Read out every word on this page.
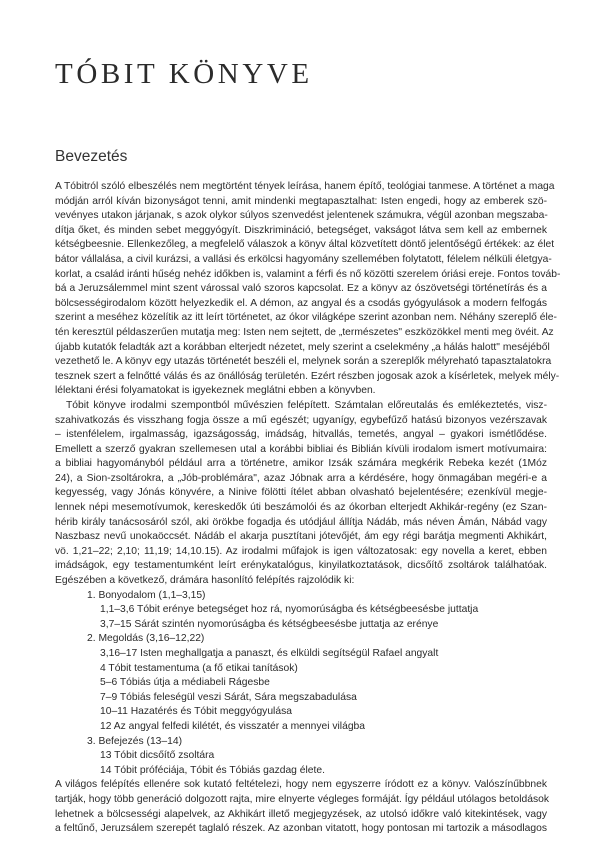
TÓBIT KÖNYVE
Bevezetés
A Tóbitról szóló elbeszélés nem megtörtént tények leírása, hanem építő, teológiai tanmese. A történet a maga
módján arról kíván bizonyságot tenni, amit mindenki megtapasztalhat: Isten engedi, hogy az emberek szö-
vevényes utakon járjanak, s azok olykor súlyos szenvedést jelentenek számukra, végül azonban megszaba-
dítja őket, és minden sebet meggyógyít. Diszkrimináció, betegséget, vakságot látva sem kell az embernek
kétségbeesnie. Ellenkezőleg, a megfelelő válaszok a könyv által közvetített döntő jelentőségű értékek: az élet
bátor vállalása, a civil kurázsi, a vallási és erkölcsi hagyomány szellemében folytatott, félelem nélküli életgya-
korlat, a család iránti hűség nehéz időkben is, valamint a férfi és nő közötti szerelem óriási ereje. Fontos továb-
bá a Jeruzsálemmel mint szent várossal való szoros kapcsolat. Ez a könyv az ószövetségi történetírás és a
bölcsességirodalom között helyezkedik el. A démon, az angyal és a csodás gyógyulások a modern felfogás
szerint a meséhez közelítik az itt leírt történetet, az ókor világképe szerint azonban nem. Néhány szereplő éle-
tén keresztül példaszerűen mutatja meg: Isten nem sejtett, de „természetes" eszközökkel menti meg övéit. Az
újabb kutatók feladták azt a korábban elterjedt nézetet, mely szerint a cselekmény „a hálás halott" meséjéből
vezethető le. A könyv egy utazás történetét beszéli el, melynek során a szereplők mélyreható tapasztalatokra
tesznek szert a felnőtté válás és az önállóság területén. Ezért részben jogosak azok a kísérletek, melyek mély-
lélektani érési folyamatokat is igyekeznek meglátni ebben a könyvben.
Tóbit könyve irodalmi szempontból művészien felépített. Számtalan előreutalás és emlékeztetés, visz-
szahivatkozás és visszhang fogja össze a mű egészét; ugyanígy, egybefűző hatású bizonyos vezérszavak
– istenfélelem, irgalmasság, igazságosság, imádság, hitvallás, temetés, angyal – gyakori ismétlődése.
Emellett a szerző gyakran szellemesen utal a korábbi bibliai és Biblián kívüli irodalom ismert motívumaira:
a bibliai hagyományból például arra a történetre, amikor Izsák számára megkérik Rebeka kezét (1Móz
24), a Sion-zsoltárokra, a „Jób-problémára", azaz Jóbnak arra a kérdésére, hogy önmagában megéri-e a
kegyesség, vagy Jónás könyvére, a Ninive fölötti ítélet abban olvasható bejelentésére; ezenkívül megje-
lennek népi mesemotívumok, kereskedők úti beszámolói és az ókorban elterjedt Akhikár-regény (ez Szan-
hérib király tanácsosáról szól, aki örökbe fogadja és utódjául állítja Nádáb, más néven Ámán, Nábád vagy
Naszbasz nevű unokaöccsét. Nádáb el akarja pusztítani jótevőjét, ám egy régi barátja megmenti Akhikárt,
vö. 1,21–22; 2,10; 11,19; 14,10.15). Az irodalmi műfajok is igen változatosak: egy novella a keret, ebben
imádságok, egy testamentumként leírt erénykatalógus, kinyilatkoztatások, dicsőítő zsoltárok találhatóak.
Egészében a következő, drámára hasonlító felépítés rajzolódik ki:
1. Bonyodalom (1,1–3,15)
1,1–3,6 Tóbit erénye betegséget hoz rá, nyomorúságba és kétségbeesésbe juttatja
3,7–15 Sárát szintén nyomorúságba és kétségbeesésbe juttatja az erénye
2. Megoldás (3,16–12,22)
3,16–17 Isten meghallgatja a panaszt, és elküldi segítségül Rafael angyalt
4 Tóbit testamentuma (a fő etikai tanítások)
5–6 Tóbiás útja a médiabeli Rágesbe
7–9 Tóbiás feleségül veszi Sárát, Sára megszabadulása
10–11 Hazatérés és Tóbit meggyógyulása
12 Az angyal felfedi kilétét, és visszatér a mennyei világba
3. Befejezés (13–14)
13 Tóbit dicsőítő zsoltára
14 Tóbit próféciája, Tóbit és Tóbiás gazdag élete.
A világos felépítés ellenére sok kutató feltételezi, hogy nem egyszerre íródott ez a könyv. Valószínűbbnek
tartják, hogy több generáció dolgozott rajta, mire elnyerte végleges formáját. Így például utólagos betoldások
lehetnek a bölcsességi alapelvek, az Akhikárt illető megjegyzések, az utolsó időkre való kitekintések, vagy
a feltűnő, Jeruzsálem szerepét taglaló részek. Az azonban vitatott, hogy pontosan mi tartozik a másodlagos
